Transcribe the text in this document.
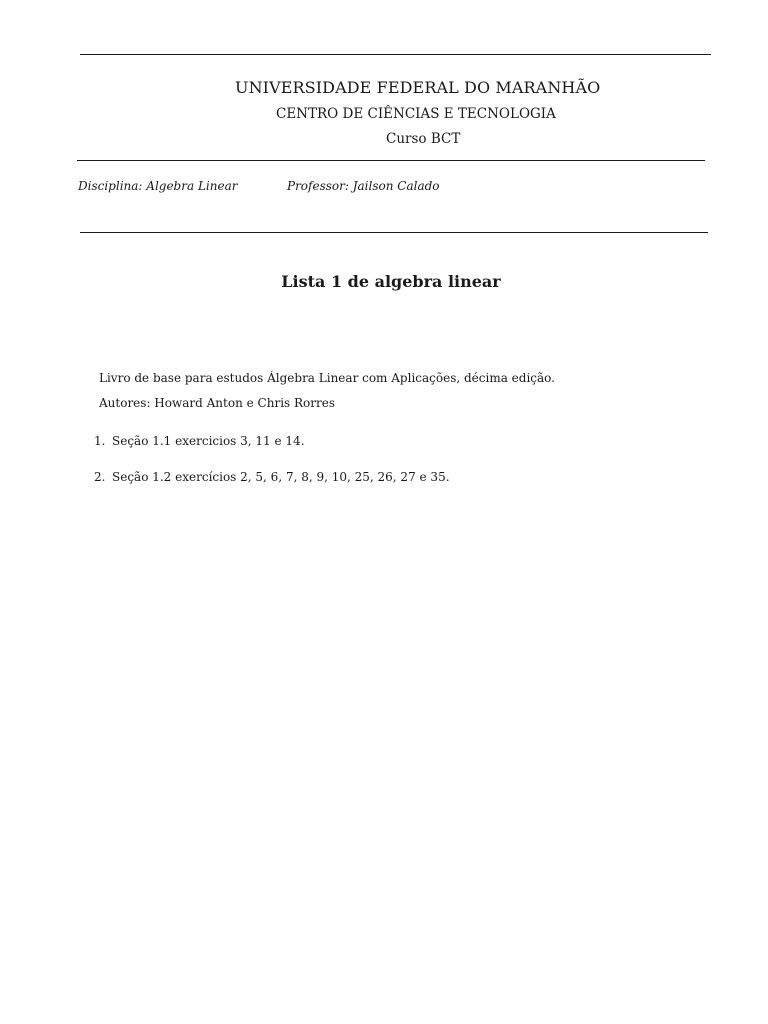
UNIVERSIDADE FEDERAL DO MARANHÃO
CENTRO DE CIÊNCIAS E TECNOLOGIA
Curso BCT
Disciplina: Algebra Linear	Professor: Jailson Calado
Lista 1 de algebra linear
Livro de base para estudos Álgebra Linear com Aplicações, décima edição.
Autores: Howard Anton e Chris Rorres
1. Seção 1.1 exercicios 3, 11 e 14.
2. Seção 1.2 exercícios 2, 5, 6, 7, 8, 9, 10, 25, 26, 27 e 35.
